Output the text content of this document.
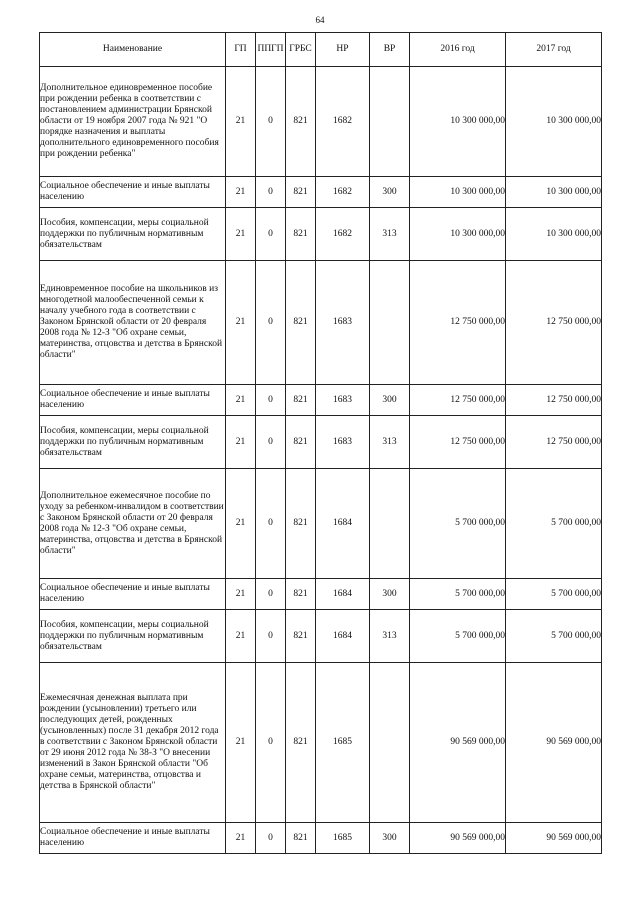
64
Наименование	ГП	ППГП	ГРБС	НР	ВР	2016 год	2017 год
Дополнительное единовременное пособие при рождении ребенка в соответствии с постановлением администрации Брянской области от 19 ноября 2007 года № 921 "О порядке назначения и выплаты дополнительного единовременного пособия при рождении ребенка"	21	0	821	1682		10 300 000,00	10 300 000,00
Социальное обеспечение и иные выплаты населению	21	0	821	1682	300	10 300 000,00	10 300 000,00
Пособия, компенсации, меры социальной поддержки по публичным нормативным обязательствам	21	0	821	1682	313	10 300 000,00	10 300 000,00
Единовременное пособие на школьников из многодетной малообеспеченной семьи к началу учебного года в соответствии с Законом Брянской области от 20 февраля 2008 года № 12-З "Об охране семьи, материнства, отцовства и детства в Брянской области"	21	0	821	1683		12 750 000,00	12 750 000,00
Социальное обеспечение и иные выплаты населению	21	0	821	1683	300	12 750 000,00	12 750 000,00
Пособия, компенсации, меры социальной поддержки по публичным нормативным обязательствам	21	0	821	1683	313	12 750 000,00	12 750 000,00
Дополнительное ежемесячное пособие по уходу за ребенком-инвалидом в соответствии с Законом Брянской области от 20 февраля 2008 года № 12-З "Об охране семьи, материнства, отцовства и детства в Брянской области"	21	0	821	1684		5 700 000,00	5 700 000,00
Социальное обеспечение и иные выплаты населению	21	0	821	1684	300	5 700 000,00	5 700 000,00
Пособия, компенсации, меры социальной поддержки по публичным нормативным обязательствам	21	0	821	1684	313	5 700 000,00	5 700 000,00
Ежемесячная денежная выплата при рождении (усыновлении) третьего или последующих детей, рожденных (усыновленных) после 31 декабря 2012 года в соответствии с Законом Брянской области от 29 июня 2012 года № 38-З "О внесении изменений в Закон Брянской области "Об охране семьи, материнства, отцовства и детства в Брянской области"	21	0	821	1685		90 569 000,00	90 569 000,00
Социальное обеспечение и иные выплаты населению	21	0	821	1685	300	90 569 000,00	90 569 000,00
